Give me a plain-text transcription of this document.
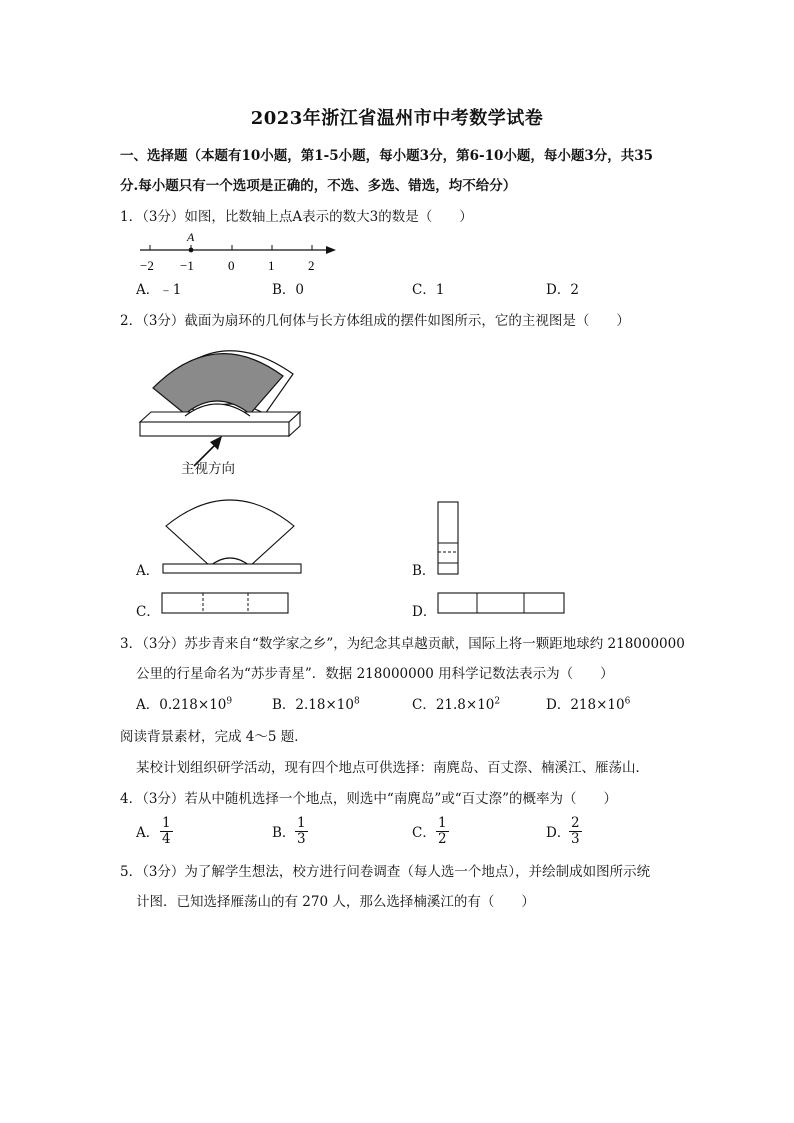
2023年浙江省温州市中考数学试卷
一、选择题（本题有10小题，第1-5小题，每小题3分，第6-10小题，每小题3分，共35
分.每小题只有一个选项是正确的，不选、多选、错选，均不给分）
1．（3分）如图，比数轴上点A表示的数大3的数是（　　）
A
−2 −1	0	1	2
A．﹣1	B．0	C．1	D．2
2．（3分）截面为扇环的几何体与长方体组成的摆件如图所示，它的主视图是（　　）
主视方向
A．	B．
C．	D．
3．（3分）苏步青来自“数学家之乡”，为纪念其卓越贡献，国际上将一颗距地球约 218000000
公里的行星命名为“苏步青星”．数据 218000000 用科学记数法表示为（　　）
A．$0.218\times 10^9$	B．$2.18\times 10^8$	C．$21.8\times 10^2$	D．$218\times 10^6$
阅读背景素材，完成 4～5 题．
某校计划组织研学活动，现有四个地点可供选择：南麂岛、百丈漈、楠溪江、雁荡山．
4．（3分）若从中随机选择一个地点，则选中“南麂岛”或“百丈漈”的概率为（　　）
A． $\frac{1}{4}$	B． $\frac{1}{3}$	C． $\frac{1}{2}$	D．
$\frac{2}{3}$
5．（3分）为了解学生想法，校方进行问卷调查（每人选一个地点），并绘制成如图所示统
计图．已知选择雁荡山的有 270 人，那么选择楠溪江的有（　　）
